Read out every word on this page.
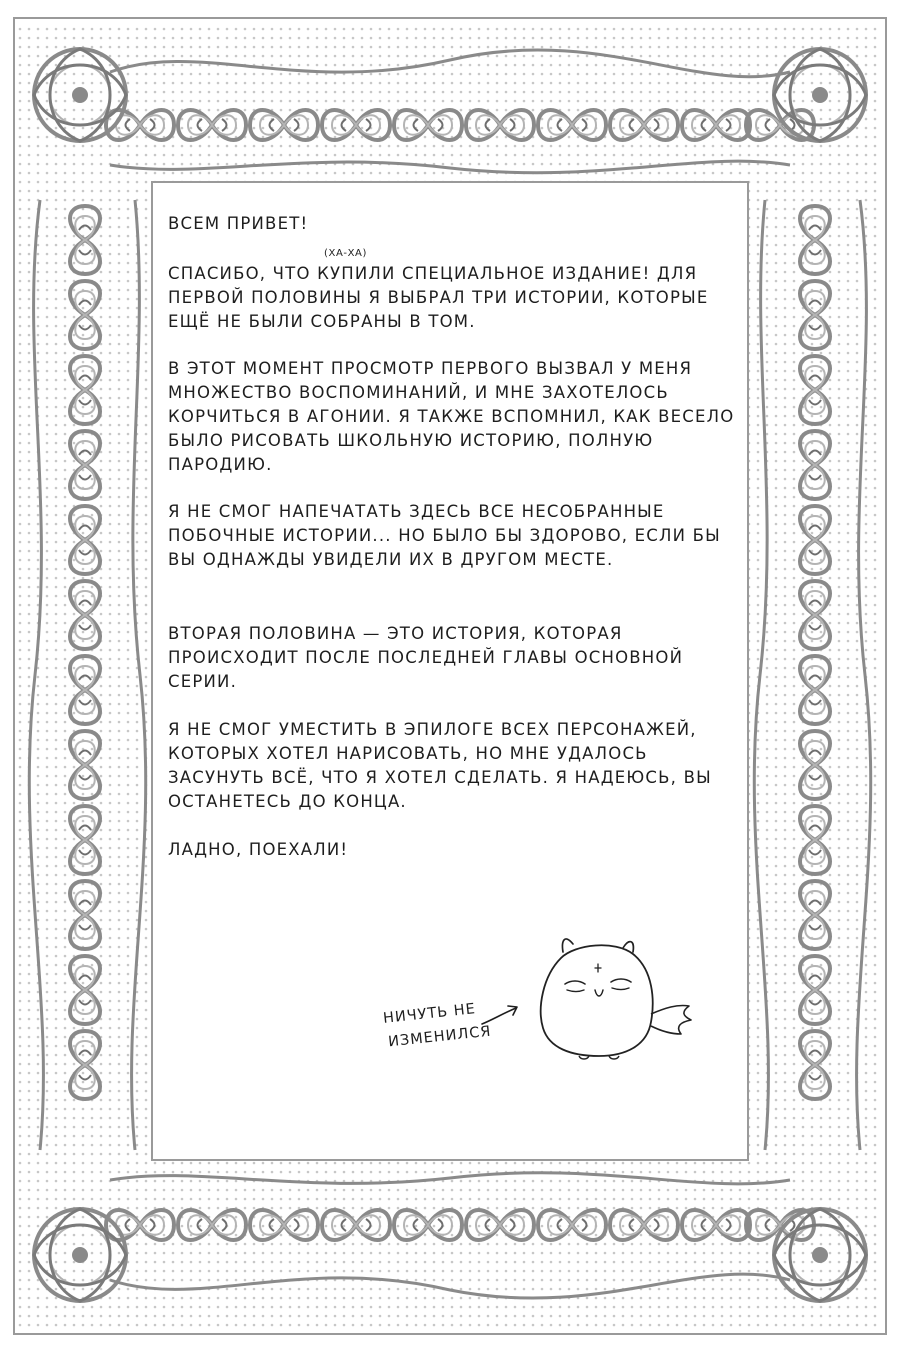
ВСЕМ ПРИВЕТ!
(ХА-ХА)
СПАСИБО, ЧТО КУПИЛИ СПЕЦИАЛЬНОЕ ИЗДАНИЕ! ДЛЯ
ПЕРВОЙ ПОЛОВИНЫ Я ВЫБРАЛ ТРИ ИСТОРИИ, КОТОРЫЕ
ЕЩЁ НЕ БЫЛИ СОБРАНЫ В ТОМ.
В ЭТОТ МОМЕНТ ПРОСМОТР ПЕРВОГО ВЫЗВАЛ У МЕНЯ
МНОЖЕСТВО ВОСПОМИНАНИЙ, И МНЕ ЗАХОТЕЛОСЬ
КОРЧИТЬСЯ В АГОНИИ. Я ТАКЖЕ ВСПОМНИЛ, КАК ВЕСЕЛО
БЫЛО РИСОВАТЬ ШКОЛЬНУЮ ИСТОРИЮ, ПОЛНУЮ
ПАРОДИЮ.
Я НЕ СМОГ НАПЕЧАТАТЬ ЗДЕСЬ ВСЕ НЕСОБРАННЫЕ
ПОБОЧНЫЕ ИСТОРИИ... НО БЫЛО БЫ ЗДОРОВО, ЕСЛИ БЫ
ВЫ ОДНАЖДЫ УВИДЕЛИ ИХ В ДРУГОМ МЕСТЕ.
ВТОРАЯ ПОЛОВИНА — ЭТО ИСТОРИЯ, КОТОРАЯ
ПРОИСХОДИТ ПОСЛЕ ПОСЛЕДНЕЙ ГЛАВЫ ОСНОВНОЙ
СЕРИИ.
Я НЕ СМОГ УМЕСТИТЬ В ЭПИЛОГЕ ВСЕХ ПЕРСОНАЖЕЙ,
КОТОРЫХ ХОТЕЛ НАРИСОВАТЬ, НО МНЕ УДАЛОСЬ
ЗАСУНУТЬ ВСЁ, ЧТО Я ХОТЕЛ СДЕЛАТЬ. Я НАДЕЮСЬ, ВЫ
ОСТАНЕТЕСЬ ДО КОНЦА.
ЛАДНО, ПОЕХАЛИ!
НИЧУТЬ НЕ
ИЗМЕНИЛСЯ
